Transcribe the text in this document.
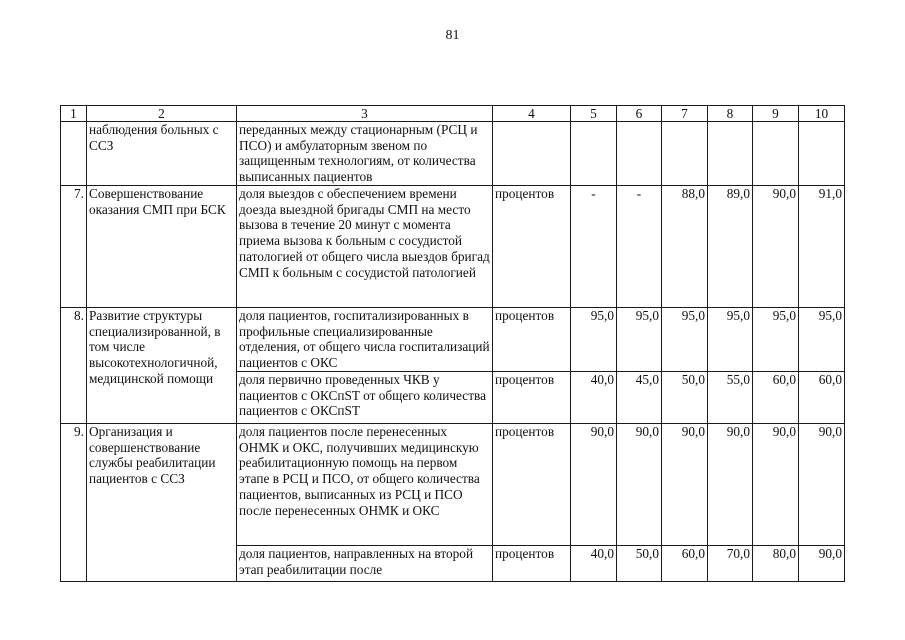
81
1	2	3	4	5	6	7	8	9	10
	наблюдения больных с ССЗ	переданных между стационарным (РСЦ и ПСО) и амбулаторным звеном по защищенным технологиям, от количества выписанных пациентов							
7.	Совершенствование оказания СМП при БСК	доля выездов с обеспечением времени доезда выездной бригады СМП на место вызова в течение 20 минут с момента приема вызова к больным с сосудистой патологией от общего числа выездов бригад СМП к больным с сосудистой патологией	процентов	-	-	88,0	89,0	90,0	91,0
8.	Развитие структуры специализированной, в том числе высокотехнологичной, медицинской помощи	доля пациентов, госпитализированных в профильные специализированные отделения, от общего числа госпитализаций пациентов с ОКС	процентов	95,0	95,0	95,0	95,0	95,0	95,0
		доля первично проведенных ЧКВ у пациентов с ОКСпST от общего количества пациентов с ОКСпST	процентов	40,0	45,0	50,0	55,0	60,0	60,0
9.	Организация и совершенствование службы реабилитации пациентов с ССЗ	доля пациентов после перенесенных ОНМК и ОКС, получивших медицинскую реабилитационную помощь на первом этапе в РСЦ и ПСО, от общего количества пациентов, выписанных из РСЦ и ПСО после перенесенных ОНМК и ОКС	процентов	90,0	90,0	90,0	90,0	90,0	90,0
		доля пациентов, направленных на второй этап реабилитации после	процентов	40,0	50,0	60,0	70,0	80,0	90,0
